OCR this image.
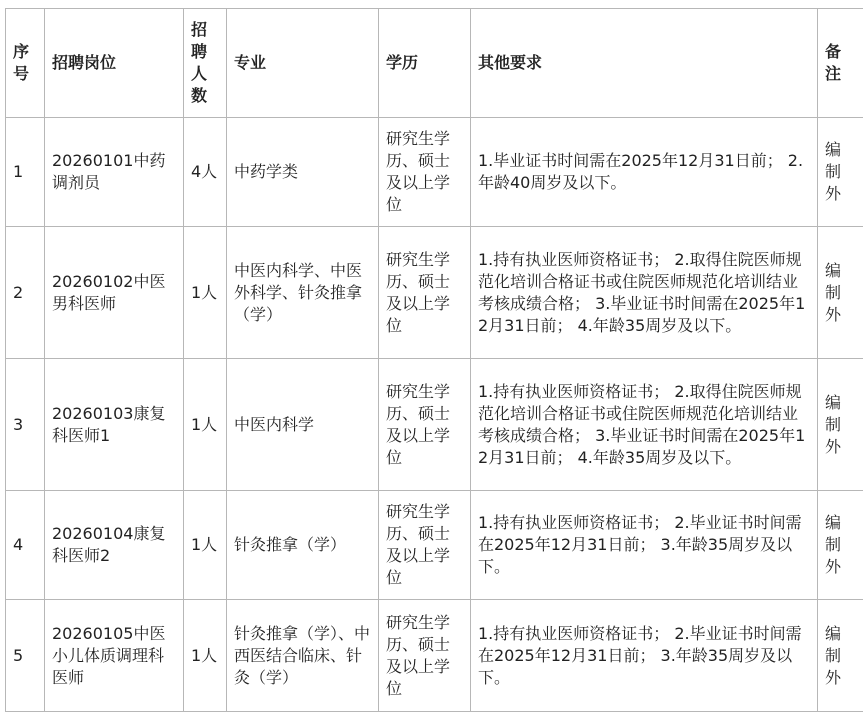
序号	招聘岗位	招聘人数	专业	学历	其他要求	备注

1	20260101中药调剂员	4人	中药学类	研究生学历、硕士及以上学位	1.毕业证书时间需在2025年12月31日前； 2.年龄40周岁及以下。	编制外

2	20260102中医男科医师	1人	中医内科学、中医外科学、针灸推拿（学）	研究生学历、硕士及以上学位	1.持有执业医师资格证书； 2.取得住院医师规范化培训合格证书或住院医师规范化培训结业考核成绩合格； 3.毕业证书时间需在2025年12月31日前； 4.年龄35周岁及以下。	编制外

3	20260103康复科医师1	1人	中医内科学	研究生学历、硕士及以上学位	1.持有执业医师资格证书； 2.取得住院医师规范化培训合格证书或住院医师规范化培训结业考核成绩合格； 3.毕业证书时间需在2025年12月31日前； 4.年龄35周岁及以下。	编制外

4	20260104康复科医师2	1人	针灸推拿（学）	研究生学历、硕士及以上学位	1.持有执业医师资格证书； 2.毕业证书时间需在2025年12月31日前； 3.年龄35周岁及以下。	编制外

5	20260105中医小儿体质调理科医师	1人	针灸推拿（学）、中西医结合临床、针灸（学）	研究生学历、硕士及以上学位	1.持有执业医师资格证书； 2.毕业证书时间需在2025年12月31日前； 3.年龄35周岁及以下。	编制外
